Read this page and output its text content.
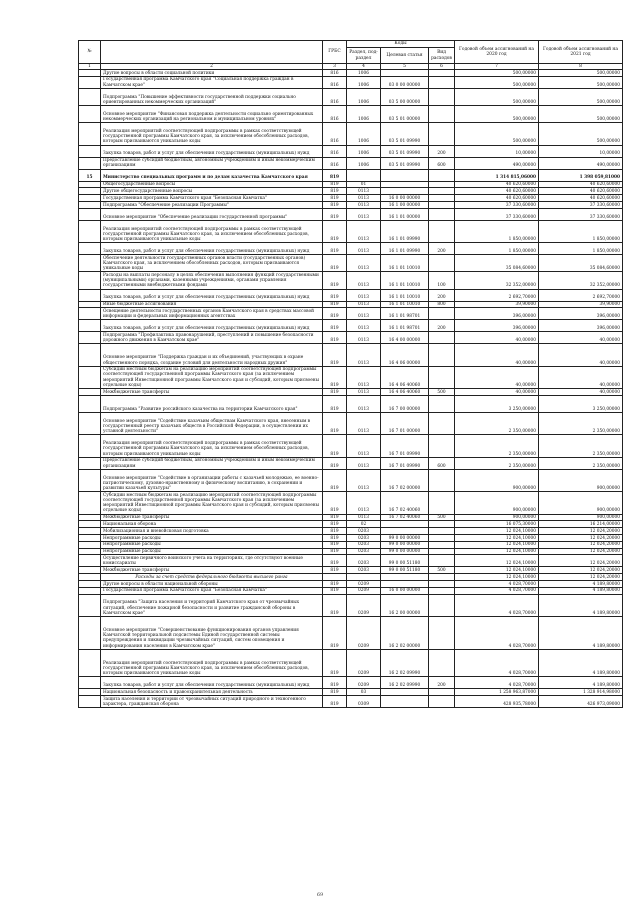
№		ГРБС	Коды			Годовой объем ассигнований на 2020 год	Годовой объем ассигнований на 2021 год
			Раздел, под- раздел	Целевая статья	Вид расходов		
1	2	3	4	5	6	7	8
	Другие вопросы в области социальной политики	816	1006			500,00000	500,00000
	Государственная программа Камчатского края "Социальная поддержка граждан в Камчатском крае"	816	1006	03 0 00 00000		500,00000	500,00000
	Подпрограмма "Повышение эффективности государственной поддержки социально ориентированных некоммерческих организаций"	816	1006	03 5 00 00000		500,00000	500,00000
	Основное мероприятие "Финансовая поддержка деятельности социально ориентированных некоммерческих организаций на региональном и муниципальном уровнях"	816	1006	03 5 01 00000		500,00000	500,00000
	Реализация мероприятий соответствующей подпрограммы в рамках соответствующей государственной программы Камчатского края, за исключением обособленных расходов, которым присваиваются уникальные коды	816	1006	03 5 01 09990		500,00000	500,00000
	Закупка товаров, работ и услуг для обеспечения государственных (муниципальных) нужд	816	1006	03 5 01 09990	200	10,00000	10,00000
	Предоставление субсидий бюджетным, автономным учреждениям и иным некоммерческим организациям	816	1006	03 5 01 09990	600	490,00000	490,00000
15	Министерство специальных программ и по делам казачества Камчатского края	819				1 314 815,06000	1 398 059,81000
	Общегосударственные вопросы	819	01			40 620,60000	40 620,60000
	Другие общегосударственные вопросы	819	0113			40 620,60000	40 620,60000
	Государственная программа Камчатского края "Безопасная Камчатка"	819	0113	16 0 00 00000		40 620,60000	40 620,60000
	Подпрограмма "Обеспечение реализации Программы"	819	0113	16 1 00 00000		37 330,60000	37 330,60000
	Основное мероприятие "Обеспечение реализации государственной программы"	819	0113	16 1 01 00000		37 330,60000	37 330,60000
	Реализация мероприятий соответствующей подпрограммы в рамках соответствующей государственной программы Камчатского края, за исключением обособленных расходов, которым присваиваются уникальные коды	819	0113	16 1 01 09990		1 850,00000	1 850,00000
	Закупка товаров, работ и услуг для обеспечения государственных (муниципальных) нужд	819	0113	16 1 01 09990	200	1 850,00000	1 850,00000
	Обеспечение деятельности государственных органов власти (государственных органов) Камчатского края, за исключением обособленных расходов, которым присваиваются уникальные коды	819	0113	16 1 01 10010		35 084,60000	35 084,60000
	Расходы на выплаты персоналу в целях обеспечения выполнения функций государственными (муниципальными) органами, казенными учреждениями, органами управления государственными внебюджетными фондами	819	0113	16 1 01 10010	100	32 352,00000	32 352,00000
	Закупка товаров, работ и услуг для обеспечения государственных (муниципальных) нужд	819	0113	16 1 01 10010	200	2 692,70000	2 692,70000
	Иные бюджетные ассигнования	819	0113	16 1 01 10010	800	39,90000	39,90000
	Освещение деятельности государственных органов Камчатского края в средствах массовой информации и федеральных информационных агентствах	819	0113	16 1 01 98701		396,00000	396,00000
	Закупка товаров, работ и услуг для обеспечения государственных (муниципальных) нужд	819	0113	16 1 01 98701	200	396,00000	396,00000
	Подпрограмма "Профилактика правонарушений, преступлений и повышение безопасности дорожного движения в Камчатском крае"	819	0113	16 4 00 00000		40,00000	40,00000
	Основное мероприятие "Поддержка граждан и их объединений, участвующих в охране общественного порядка, создание условий для деятельности народных дружин"	819	0113	16 4 06 00000		40,00000	40,00000
	Субсидии местным бюджетам на реализацию мероприятий соответствующей подпрограммы соответствующей государственной программы Камчатского края (за исключением мероприятий Инвестиционной программы Камчатского края и субсидий, которым присвоены отдельные коды)	819	0113	16 4 06 40060		40,00000	40,00000
	Межбюджетные трансферты	819	0113	16 4 06 40060	500	40,00000	40,00000
	Подпрограмма "Развитие российского казачества на территории Камчатского края"	819	0113	16 7 00 00000		3 250,00000	3 250,00000
	Основное мероприятие "Содействие казачьим обществам Камчатского края, внесенным в государственный реестр казачьих обществ в Российской Федерации, в осуществлении их уставной деятельности"	819	0113	16 7 01 00000		2 350,00000	2 350,00000
	Реализация мероприятий соответствующей подпрограммы в рамках соответствующей государственной программы Камчатского края, за исключением обособленных расходов, которым присваиваются уникальные коды	819	0113	16 7 01 09990		2 350,00000	2 350,00000
	Предоставление субсидий бюджетным, автономным учреждениям и иным некоммерческим организациям	819	0113	16 7 01 09990	600	2 350,00000	2 350,00000
	Основное мероприятие "Содействие в организации работы с казачьей молодежью, ее военно-патриотическому, духовно-нравственному и физическому воспитанию, в сохранении и развитии казачьей культуры"	819	0113	16 7 02 00000		900,00000	900,00000
	Субсидии местным бюджетам на реализацию мероприятий соответствующей подпрограммы соответствующей государственной программы Камчатского края (за исключением мероприятий Инвестиционной программы Камчатского края и субсидий, которым присвоены отдельные коды)	819	0113	16 7 02 40060		900,00000	900,00000
	Межбюджетные трансферты	819	0113	16 7 02 40060	500	900,00000	900,00000
	Национальная оборона	819	02			16 075,30000	16 214,00000
	Мобилизационная и вневойсковая подготовка	819	0203			12 024,10000	12 024,20000
	Непрограммные расходы	819	0203	99 0 00 00000		12 024,10000	12 024,20000
	Непрограммные расходы	819	0203	99 0 00 00000		12 024,10000	12 024,20000
	Непрограммные расходы	819	0203	99 0 00 00000		12 024,10000	12 024,20000
	Осуществление первичного воинского учета на территориях, где отсутствуют военные комиссариаты	819	0203	99 0 00 51180		12 024,10000	12 024,20000
	Межбюджетные трансферты	819	0203	99 0 00 51180	500	12 024,10000	12 024,20000
	Расходы за счет средств федерального бюджета высшего ранга					12 024,10000	12 024,20000
	Другие вопросы в области национальной обороны	819	0209			4 028,70000	4 189,80000
	Государственная программа Камчатского края "Безопасная Камчатка"	819	0209	16 0 00 00000		4 028,70000	4 189,80000
	Подпрограмма "Защита населения и территорий Камчатского края от чрезвычайных ситуаций, обеспечение пожарной безопасности и развитие гражданской обороны в Камчатском крае"	819	0209	16 2 00 00000		4 028,70000	4 189,80000
	Основное мероприятие "Совершенствование функционирования органов управления Камчатской территориальной подсистемы Единой государственной системы предупреждения и ликвидации чрезвычайных ситуаций, систем оповещения и информирования населения в Камчатском крае"	819	0209	16 2 02 00000		4 028,70000	4 189,80000
	Реализация мероприятий соответствующей подпрограммы в рамках соответствующей государственной программы Камчатского края, за исключением обособленных расходов, которым присваиваются уникальные коды	819	0209	16 2 02 09990		4 028,70000	4 189,80000
	Закупка товаров, работ и услуг для обеспечения государственных (муниципальных) нужд	819	0209	16 2 02 09990	200	4 028,70000	4 189,80000
	Национальная безопасность и правоохранительная деятельность	819	03			1 258 963,87000	1 328 914,98000
	Защита населения и территории от чрезвычайных ситуаций природного и техногенного характера, гражданская оборона	819	0309			428 935,78000	426 973,09000
69
